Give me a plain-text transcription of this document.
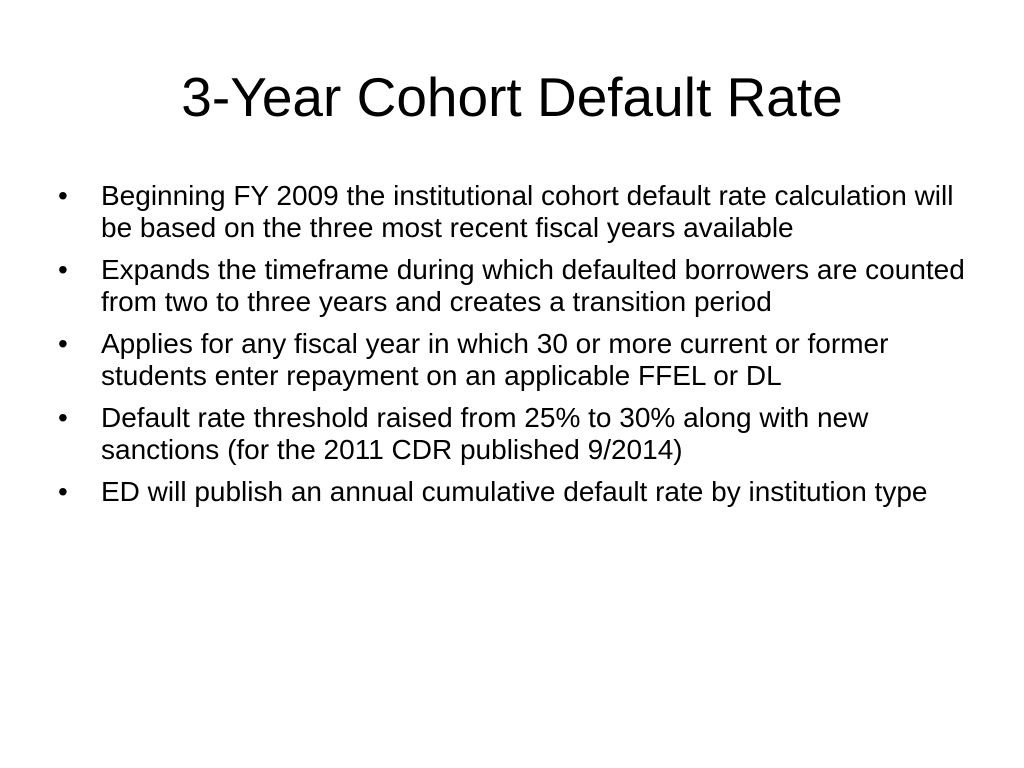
3-Year Cohort Default Rate
•	Beginning FY 2009 the institutional cohort default rate calculation will be based on the three most recent fiscal years available
•	Expands the timeframe during which defaulted borrowers are counted from two to three years and creates a transition period
•	Applies for any fiscal year in which 30 or more current or former students enter repayment on an applicable FFEL or DL
•	Default rate threshold raised from 25% to 30% along with new sanctions (for the 2011 CDR published 9/2014)
•	ED will publish an annual cumulative default rate by institution type
